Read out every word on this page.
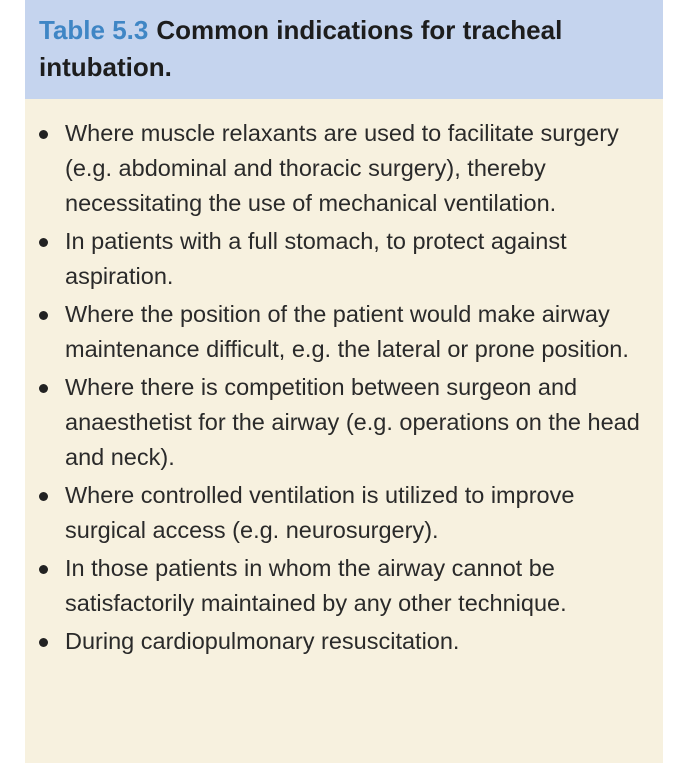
Table 5.3 Common indications for tracheal intubation.
Where muscle relaxants are used to facilitate surgery (e.g. abdominal and thoracic surgery), thereby necessitating the use of mechanical ventilation.
In patients with a full stomach, to protect against aspiration.
Where the position of the patient would make airway maintenance difficult, e.g. the lateral or prone position.
Where there is competition between surgeon and anaesthetist for the airway (e.g. operations on the head and neck).
Where controlled ventilation is utilized to improve surgical access (e.g. neurosurgery).
In those patients in whom the airway cannot be satisfactorily maintained by any other technique.
During cardiopulmonary resuscitation.
